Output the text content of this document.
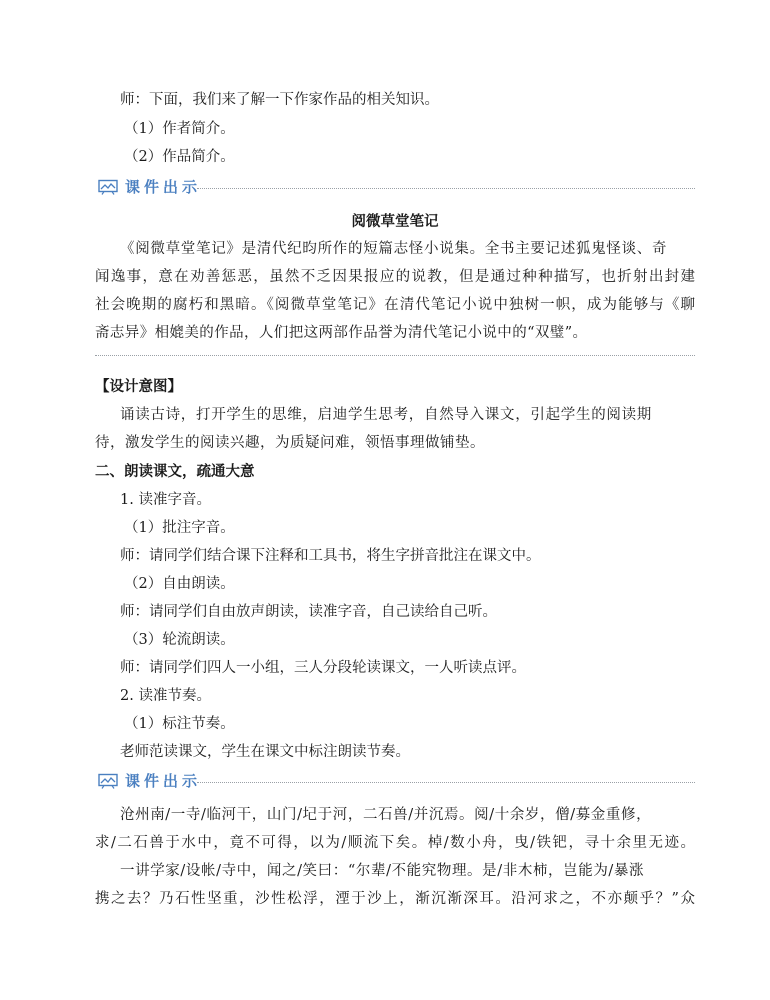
师：下面，我们来了解一下作家作品的相关知识。
（1）作者简介。
（2）作品简介。
课件出示
阅微草堂笔记
《阅微草堂笔记》是清代纪昀所作的短篇志怪小说集。全书主要记述狐鬼怪谈、奇
闻逸事，意在劝善惩恶，虽然不乏因果报应的说教，但是通过种种描写，也折射出封建
社会晚期的腐朽和黑暗。《阅微草堂笔记》在清代笔记小说中独树一帜，成为能够与《聊
斋志异》相媲美的作品，人们把这两部作品誉为清代笔记小说中的“双璧”。
【设计意图】
诵读古诗，打开学生的思维，启迪学生思考，自然导入课文，引起学生的阅读期
待，激发学生的阅读兴趣，为质疑问难，领悟事理做铺垫。
二、朗读课文，疏通大意
1. 读准字音。
（1）批注字音。
师：请同学们结合课下注释和工具书，将生字拼音批注在课文中。
（2）自由朗读。
师：请同学们自由放声朗读，读准字音，自己读给自己听。
（3）轮流朗读。
师：请同学们四人一小组，三人分段轮读课文，一人听读点评。
2. 读准节奏。
（1）标注节奏。
老师范读课文，学生在课文中标注朗读节奏。
课件出示
沧州南/一寺/临河干，山门/圮于河，二石兽/并沉焉。阅/十余岁，僧/募金重修，
求/二石兽于水中，竟不可得，以为/顺流下矣。棹/数小舟，曳/铁钯，寻十余里无迹。
一讲学家/设帐/寺中，闻之/笑曰：“尔辈/不能究物理。是/非木柿，岂能为/暴涨
携之去？乃石性坚重，沙性松浮，湮于沙上，渐沉渐深耳。沿河求之，不亦颠乎？”众
